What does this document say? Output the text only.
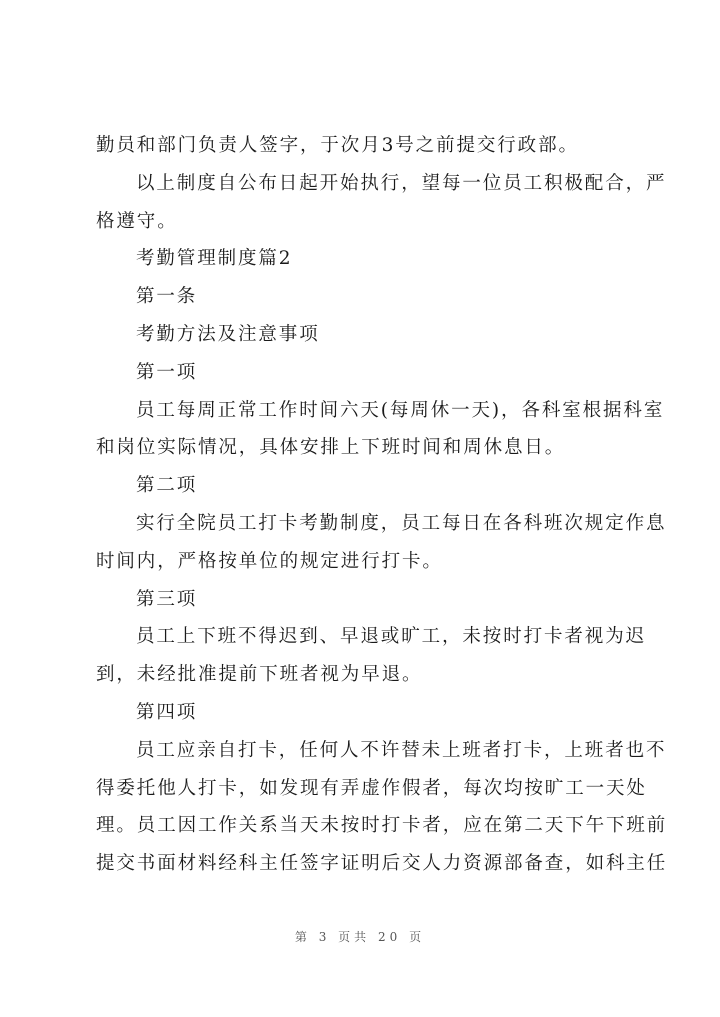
勤员和部门负责人签字，于次月3号之前提交行政部。
以上制度自公布日起开始执行，望每一位员工积极配合，严
格遵守。
考勤管理制度篇2
第一条
考勤方法及注意事项
第一项
员工每周正常工作时间六天(每周休一天)，各科室根据科室
和岗位实际情况，具体安排上下班时间和周休息日。
第二项
实行全院员工打卡考勤制度，员工每日在各科班次规定作息
时间内，严格按单位的规定进行打卡。
第三项
员工上下班不得迟到、早退或旷工，未按时打卡者视为迟
到，未经批准提前下班者视为早退。
第四项
员工应亲自打卡，任何人不许替未上班者打卡，上班者也不
得委托他人打卡，如发现有弄虚作假者，每次均按旷工一天处
理。员工因工作关系当天未按时打卡者，应在第二天下午下班前
提交书面材料经科主任签字证明后交人力资源部备查，如科主任
第 3 页共 20 页
